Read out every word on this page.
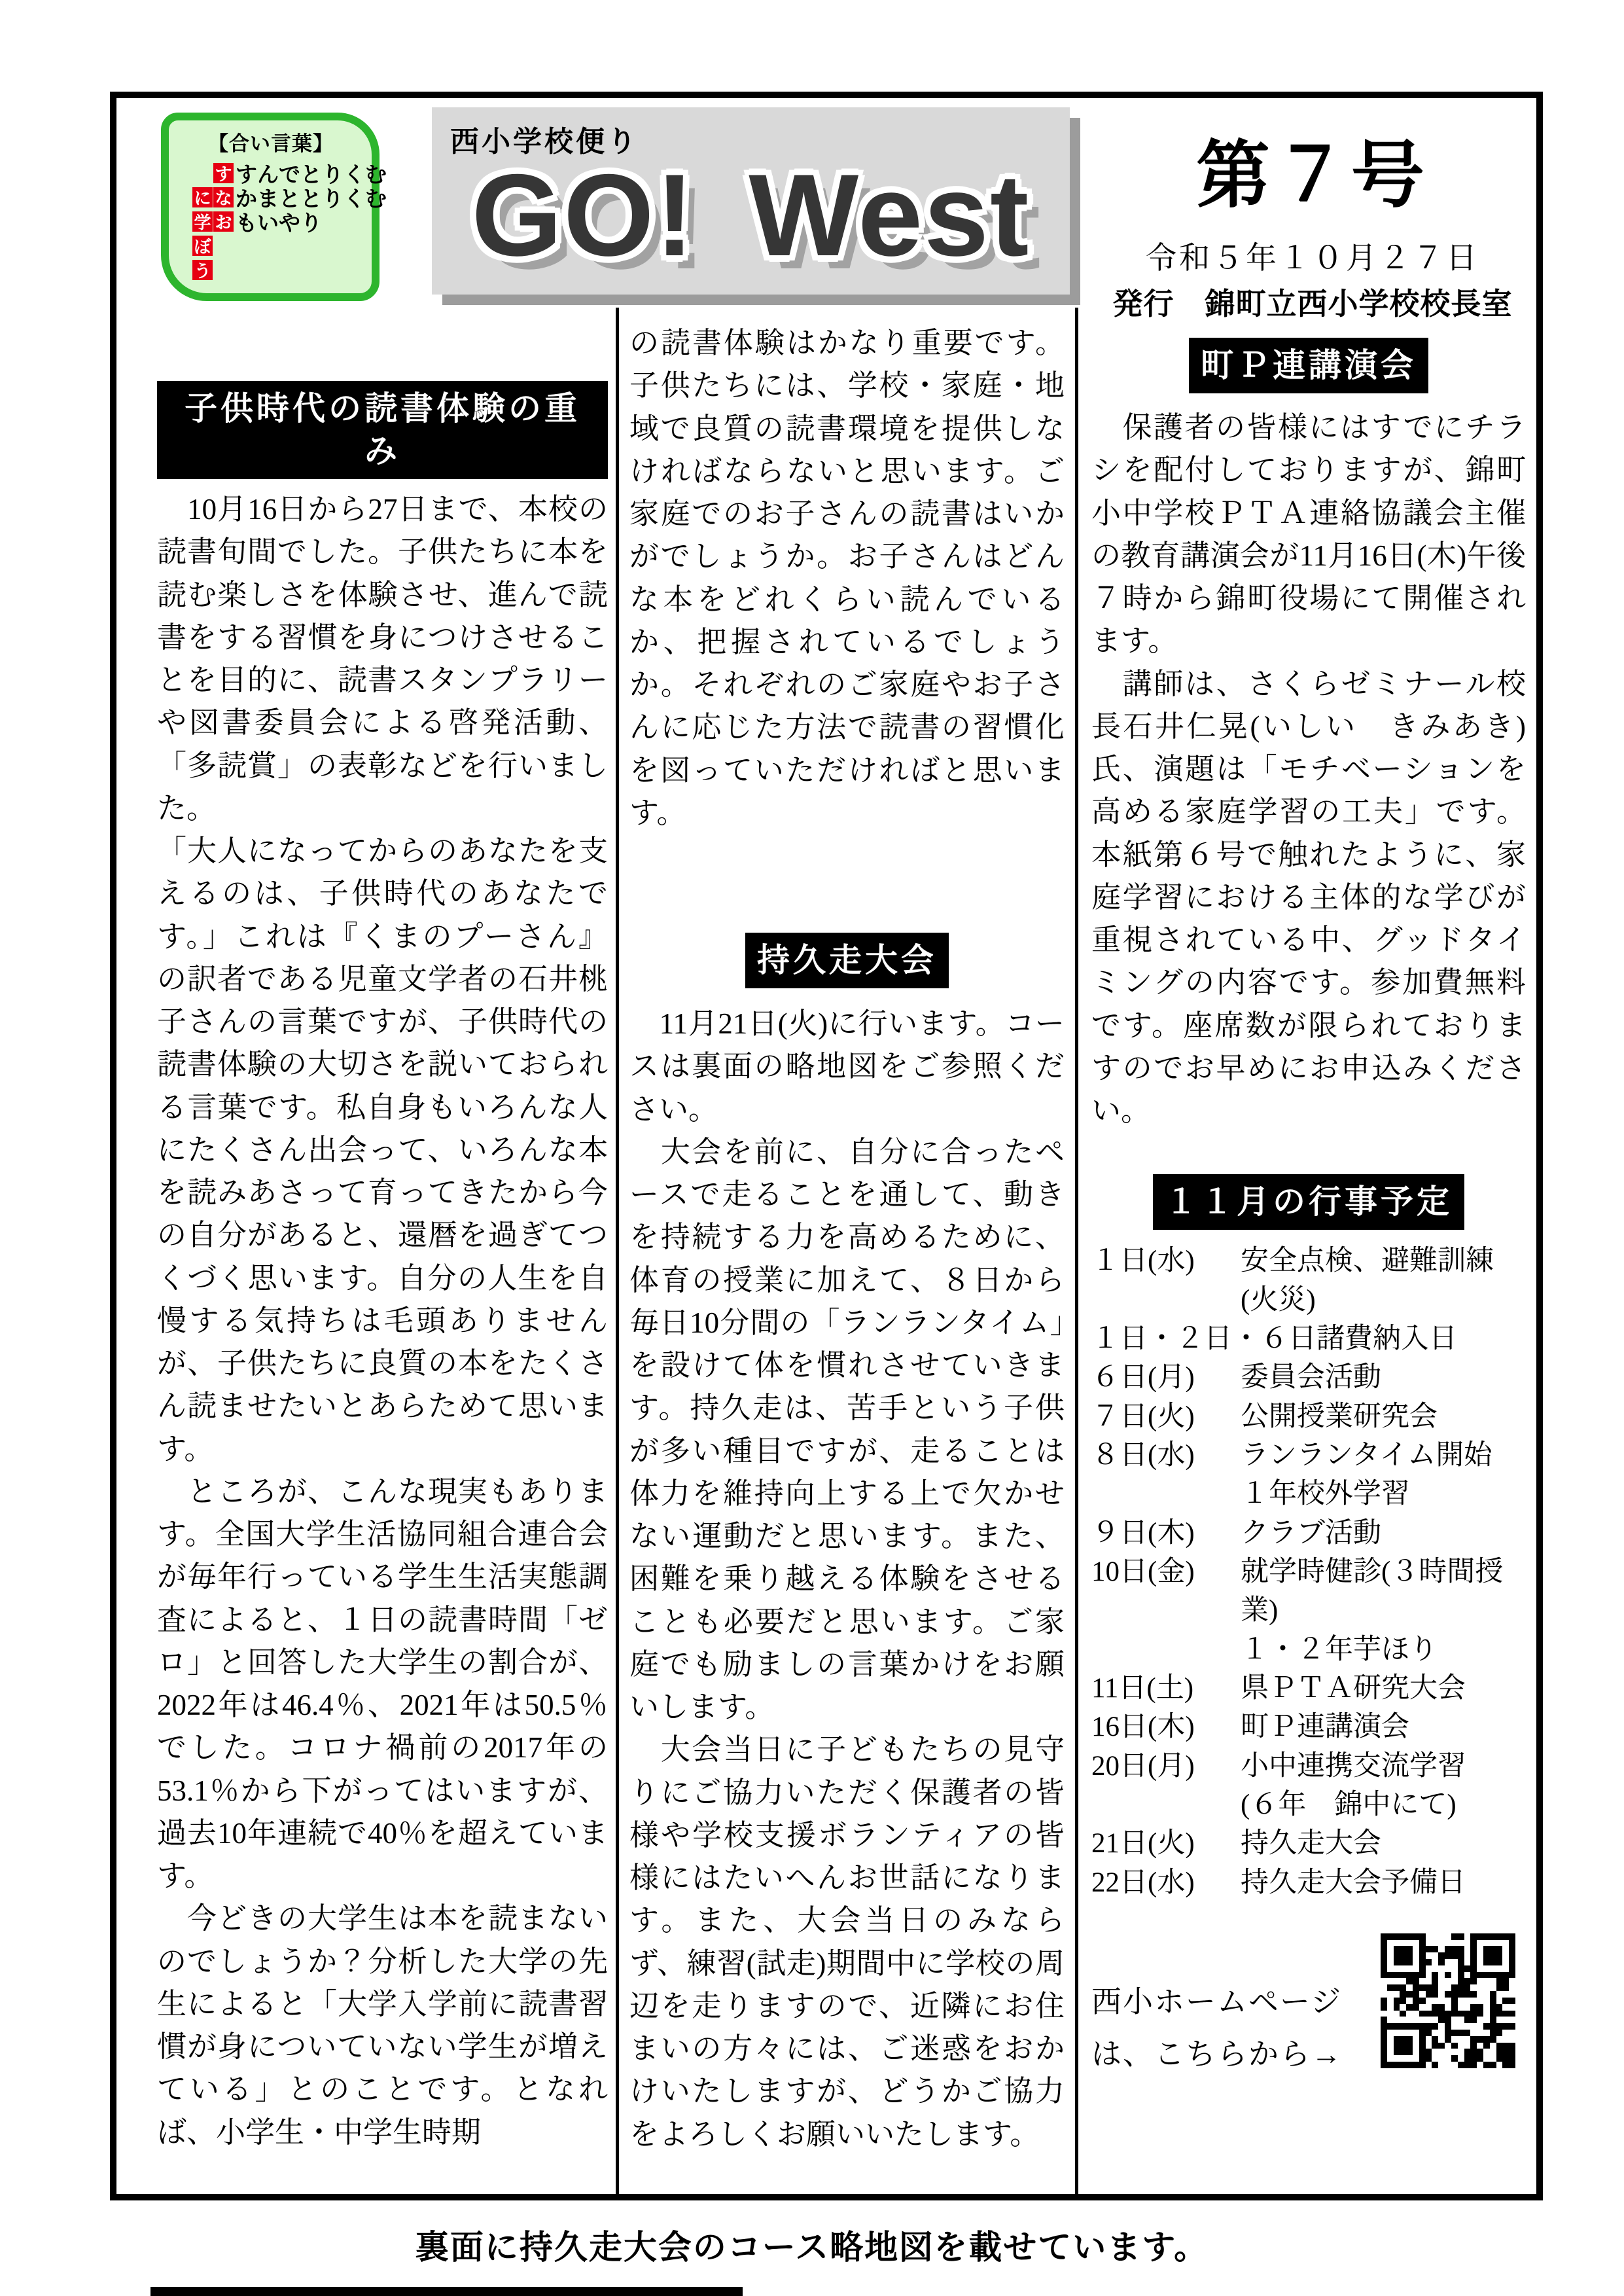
【合い言葉】
す すんでとりくむ
に な かまととりくむ
学 お もいやり
ぼ
う
西小学校便り
GO! West	第７号
令和５年１０月２７日
発行　錦町立西小学校校長室
子供時代の読書体験の重み

　10月16日から27日まで、本校の読書旬間でした。子供たちに本を読む楽しさを体験させ、進んで読書をする習慣を身につけさせることを目的に、読書スタンプラリーや図書委員会による啓発活動、「多読賞」の表彰などを行いました。

「大人になってからのあなたを支えるのは、子供時代のあなたです。」これは『くまのプーさん』の訳者である児童文学者の石井桃子さんの言葉ですが、子供時代の読書体験の大切さを説いておられる言葉です。私自身もいろんな人にたくさん出会って、いろんな本を読みあさって育ってきたから今の自分があると、還暦を過ぎてつくづく思います。自分の人生を自慢する気持ちは毛頭ありませんが、子供たちに良質の本をたくさん読ませたいとあらためて思います。

　ところが、こんな現実もあります。全国大学生活協同組合連合会が毎年行っている学生生活実態調査によると、１日の読書時間「ゼロ」と回答した大学生の割合が、2022年は46.4％、2021年は50.5％でした。コロナ禍前の2017年の53.1％から下がってはいますが、過去10年連続で40％を超えています。

　今どきの大学生は本を読まないのでしょうか？分析した大学の先生によると「大学入学前に読書習慣が身についていない学生が増えている」とのことです。となれば、小学生・中学生時期

の読書体験はかなり重要です。子供たちには、学校・家庭・地域で良質の読書環境を提供しなければならないと思います。ご家庭でのお子さんの読書はいかがでしょうか。お子さんはどんな本をどれくらい読んでいるか、把握されているでしょうか。それぞれのご家庭やお子さんに応じた方法で読書の習慣化を図っていただければと思います。

持久走大会

　11月21日(火)に行います。コースは裏面の略地図をご参照ください。

　大会を前に、自分に合ったペースで走ることを通して、動きを持続する力を高めるために、体育の授業に加えて、８日から毎日10分間の「ランランタイム」を設けて体を慣れさせていきます。持久走は、苦手という子供が多い種目ですが、走ることは体力を維持向上する上で欠かせない運動だと思います。また、困難を乗り越える体験をさせることも必要だと思います。ご家庭でも励ましの言葉かけをお願いします。

　大会当日に子どもたちの見守りにご協力いただく保護者の皆様や学校支援ボランティアの皆様にはたいへんお世話になります。また、大会当日のみならず、練習(試走)期間中に学校の周辺を走りますので、近隣にお住まいの方々には、ご迷惑をおかけいたしますが、どうかご協力をよろしくお願いいたします。

町Ｐ連講演会

　保護者の皆様にはすでにチラシを配付しておりますが、錦町小中学校ＰＴＡ連絡協議会主催の教育講演会が11月16日(木)午後７時から錦町役場にて開催されます。

　講師は、さくらゼミナール校長石井仁晃(いしい　きみあき)氏、演題は「モチベーションを高める家庭学習の工夫」です。本紙第６号で触れたように、家庭学習における主体的な学びが重視されている中、グッドタイミングの内容です。参加費無料です。座席数が限られておりますのでお早めにお申込みください。

１１月の行事予定
１日(水)	安全点検、避難訓練(火災)
１日・２日・６日 諸費納入日
６日(月)	委員会活動
７日(火)	公開授業研究会
８日(水)	ランランタイム開始
１年校外学習
９日(木)	クラブ活動
10日(金)	就学時健診(３時間授業)
１・２年芋ほり
11日(土)	県ＰＴＡ研究大会
16日(木)	町Ｐ連講演会
20日(月)	小中連携交流学習
(６年　錦中にて)
21日(火)	持久走大会
22日(水)	持久走大会予備日
西小ホームページ
は、こちらから→
裏面に持久走大会のコース略地図を載せています。
